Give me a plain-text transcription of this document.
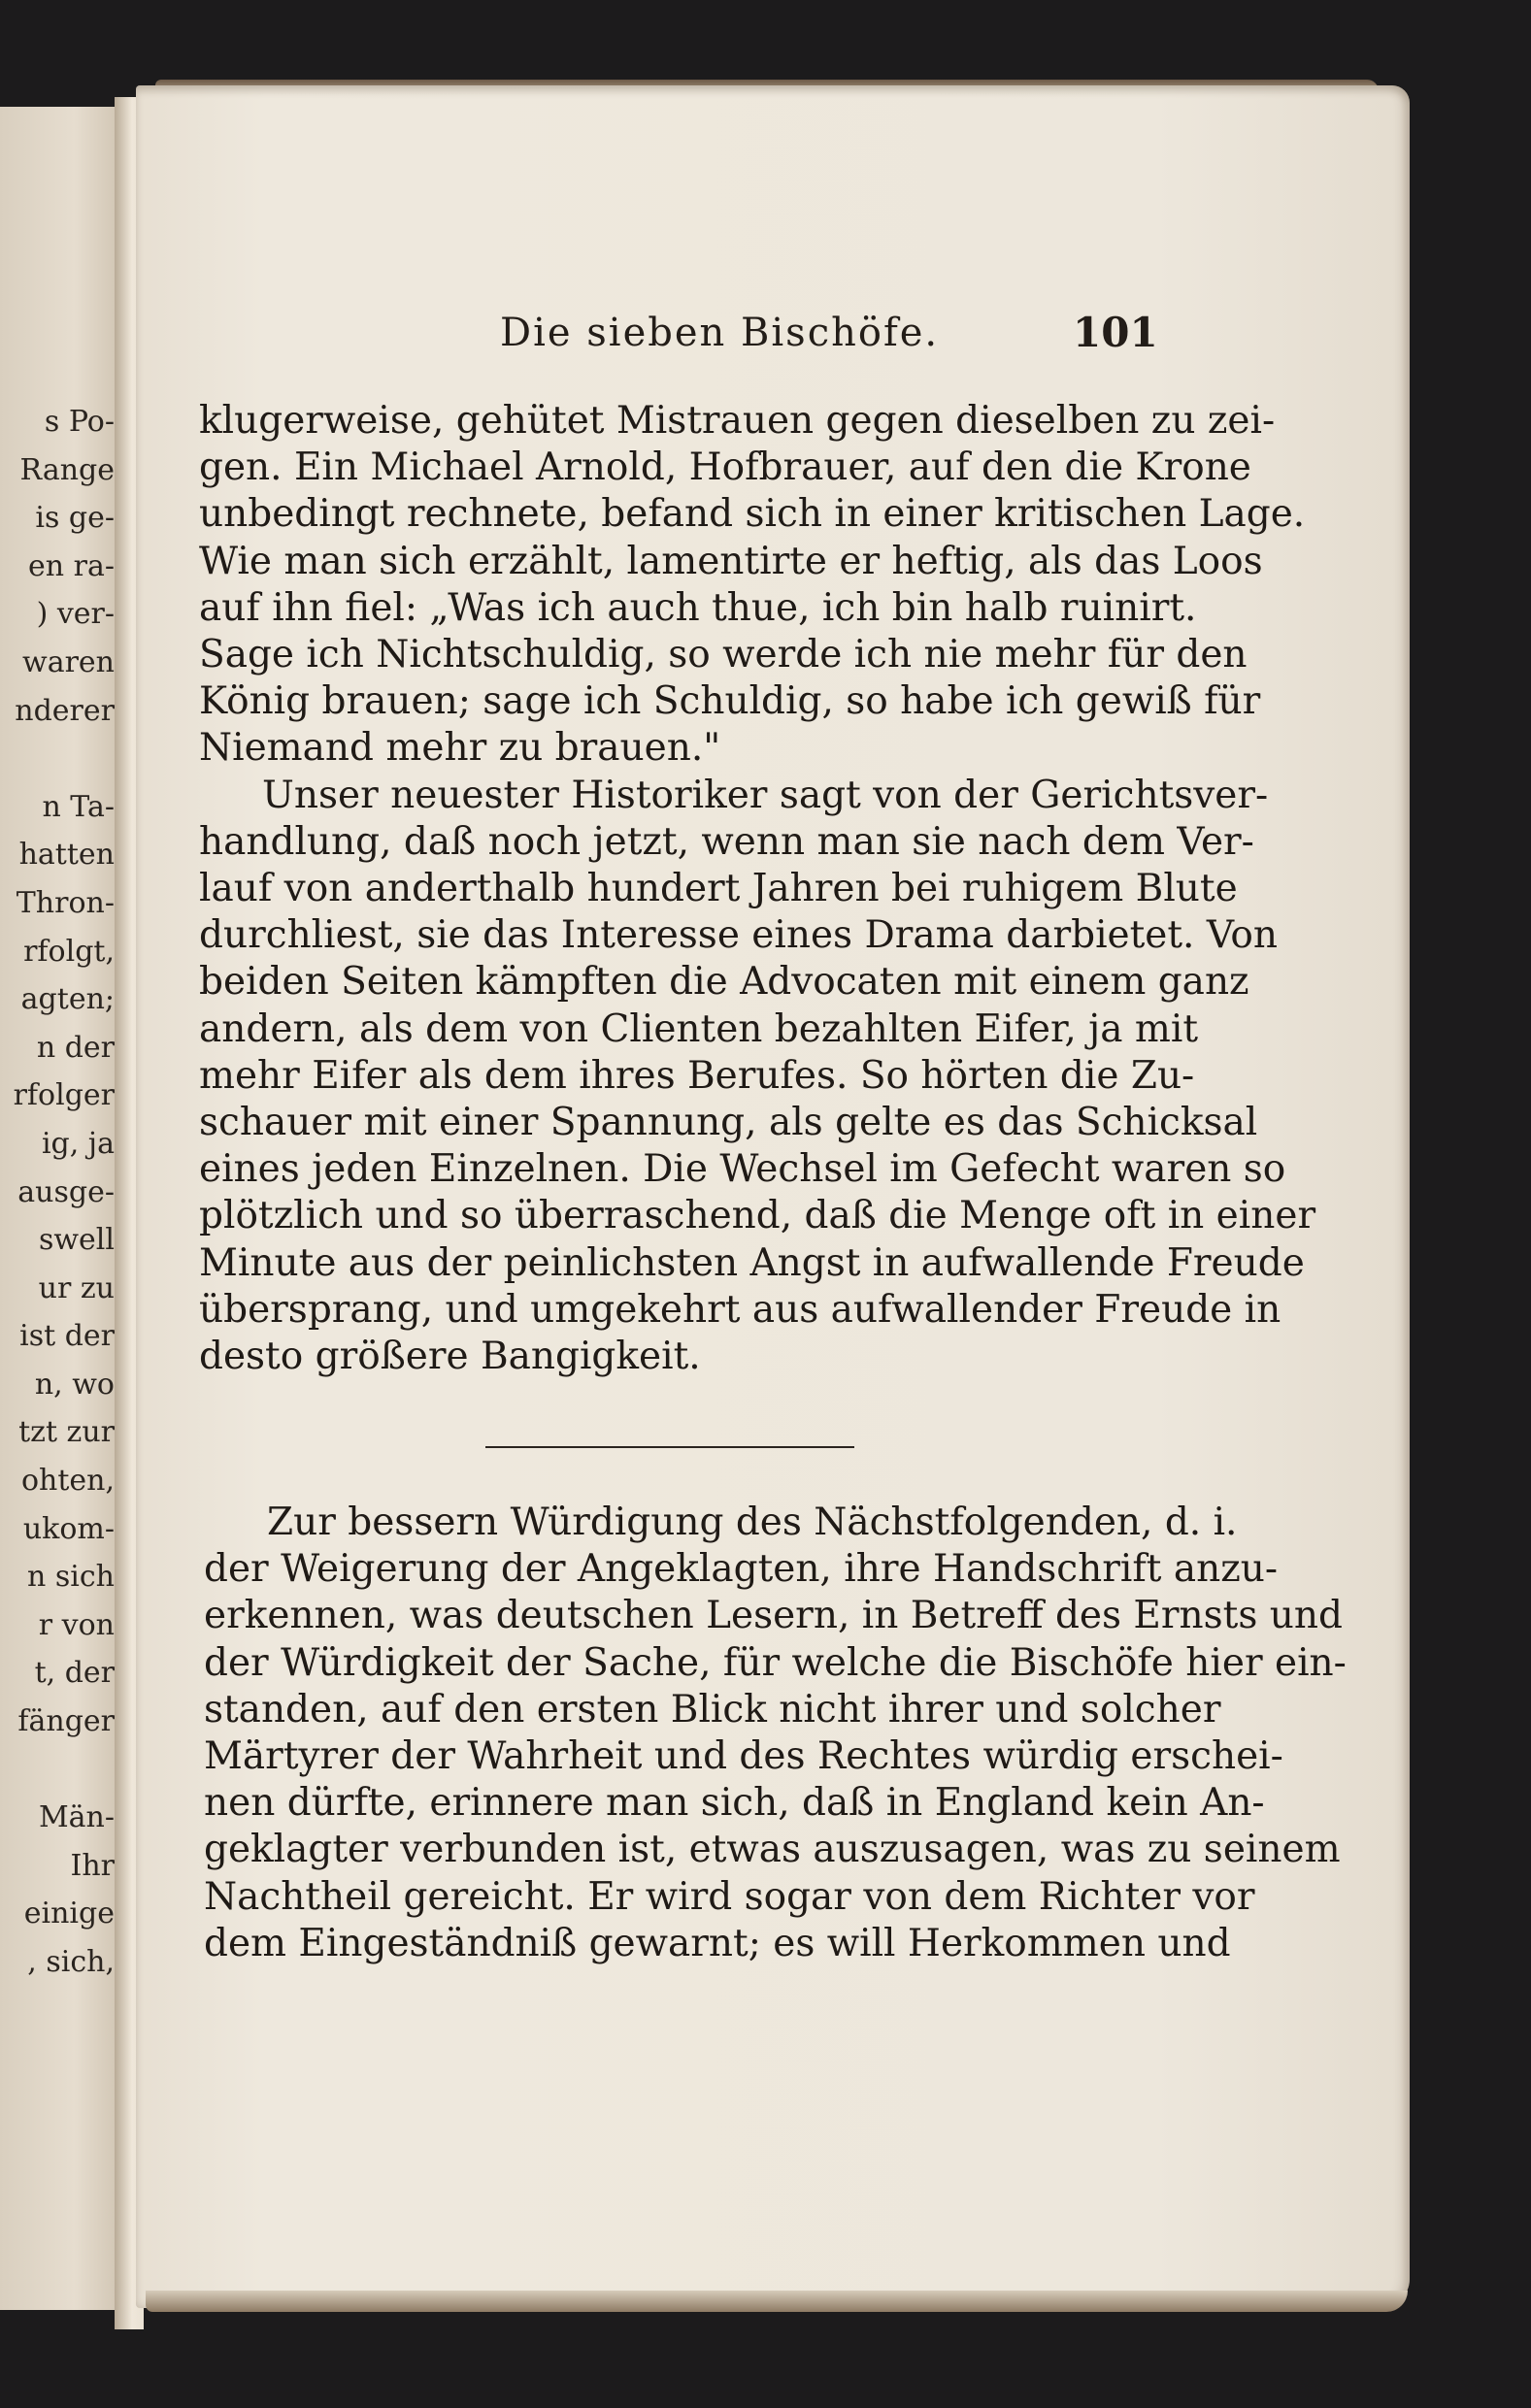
s Po-
Range
is ge-
en ra-
) ver-
waren
nderer
n Ta-
hatten
Thron-
rfolgt,
agten;
n der
rfolger
ig, ja
ausge-
swell
ur zu
ist der
n, wo
tzt zur
ohten,
ukom-
n sich
r von
t, der
fänger
Män-
Ihr
einige
, sich,
Die sieben Bischöfe.	101
klugerweise, gehütet Mistrauen gegen dieselben zu zei-
gen. Ein Michael Arnold, Hofbrauer, auf den die Krone
unbedingt rechnete, befand sich in einer kritischen Lage.
Wie man sich erzählt, lamentirte er heftig, als das Loos
auf ihn fiel: „Was ich auch thue, ich bin halb ruinirt.
Sage ich Nichtschuldig, so werde ich nie mehr für den
König brauen; sage ich Schuldig, so habe ich gewiß für
Niemand mehr zu brauen."
Unser neuester Historiker sagt von der Gerichtsver-
handlung, daß noch jetzt, wenn man sie nach dem Ver-
lauf von anderthalb hundert Jahren bei ruhigem Blute
durchliest, sie das Interesse eines Drama darbietet. Von
beiden Seiten kämpften die Advocaten mit einem ganz
andern, als dem von Clienten bezahlten Eifer, ja mit
mehr Eifer als dem ihres Berufes. So hörten die Zu-
schauer mit einer Spannung, als gelte es das Schicksal
eines jeden Einzelnen. Die Wechsel im Gefecht waren so
plötzlich und so überraschend, daß die Menge oft in einer
Minute aus der peinlichsten Angst in aufwallende Freude
übersprang, und umgekehrt aus aufwallender Freude in
desto größere Bangigkeit.
Zur bessern Würdigung des Nächstfolgenden, d. i.
der Weigerung der Angeklagten, ihre Handschrift anzu-
erkennen, was deutschen Lesern, in Betreff des Ernsts und
der Würdigkeit der Sache, für welche die Bischöfe hier ein-
standen, auf den ersten Blick nicht ihrer und solcher
Märtyrer der Wahrheit und des Rechtes würdig erschei-
nen dürfte, erinnere man sich, daß in England kein An-
geklagter verbunden ist, etwas auszusagen, was zu seinem
Nachtheil gereicht. Er wird sogar von dem Richter vor
dem Eingeständniß gewarnt; es will Herkommen und
